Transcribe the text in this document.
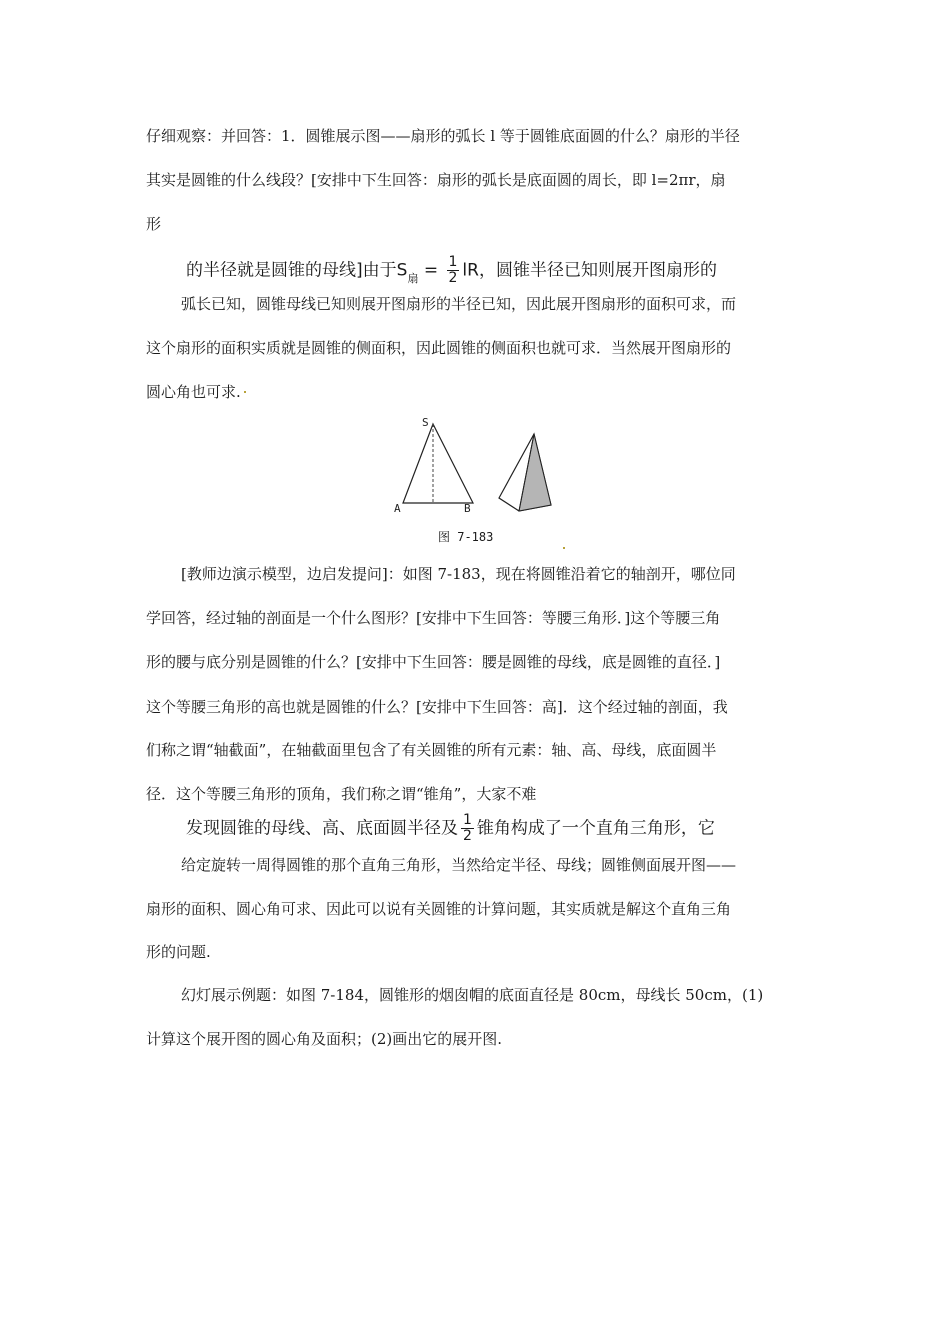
仔细观察：并回答：1．圆锥展示图——扇形的弧长 l 等于圆锥底面圆的什么？扇形的半径
其实是圆锥的什么线段？[安排中下生回答：扇形的弧长是底面圆的周长，即 l=2πr，扇
形
的半径就是圆锥的母线]由于$S_扇 = \frac{1}{2}$ lR，圆锥半径已知则展开图扇形的
弧长已知，圆锥母线已知则展开图扇形的半径已知，因此展开图扇形的面积可求，而
这个扇形的面积实质就是圆锥的侧面积，因此圆锥的侧面积也就可求．当然展开图扇形的
圆心角也可求.
S
A	B
图 7-183
[教师边演示模型，边启发提问]：如图 7-183，现在将圆锥沿着它的轴剖开，哪位同
学回答，经过轴的剖面是一个什么图形？[安排中下生回答：等腰三角形．]这个等腰三角
形的腰与底分别是圆锥的什么？[安排中下生回答：腰是圆锥的母线，底是圆锥的直径．]
这个等腰三角形的高也就是圆锥的什么？[安排中下生回答：高]．这个经过轴的剖面，我
们称之谓“轴截面”，在轴截面里包含了有关圆锥的所有元素：轴、高、母线，底面圆半
径．这个等腰三角形的顶角，我们称之谓“锥角”，大家不难
发现圆锥的母线、高、底面圆半径及 $\frac{1}{2}$ 锥角构成了一个直角三角形，它
给定旋转一周得圆锥的那个直角三角形，当然给定半径、母线；圆锥侧面展开图——
扇形的面积、圆心角可求、因此可以说有关圆锥的计算问题，其实质就是解这个直角三角
形的问题.
幻灯展示例题：如图 7-184，圆锥形的烟囱帽的底面直径是 80cm，母线长 50cm，(1)
计算这个展开图的圆心角及面积；(2)画出它的展开图.
